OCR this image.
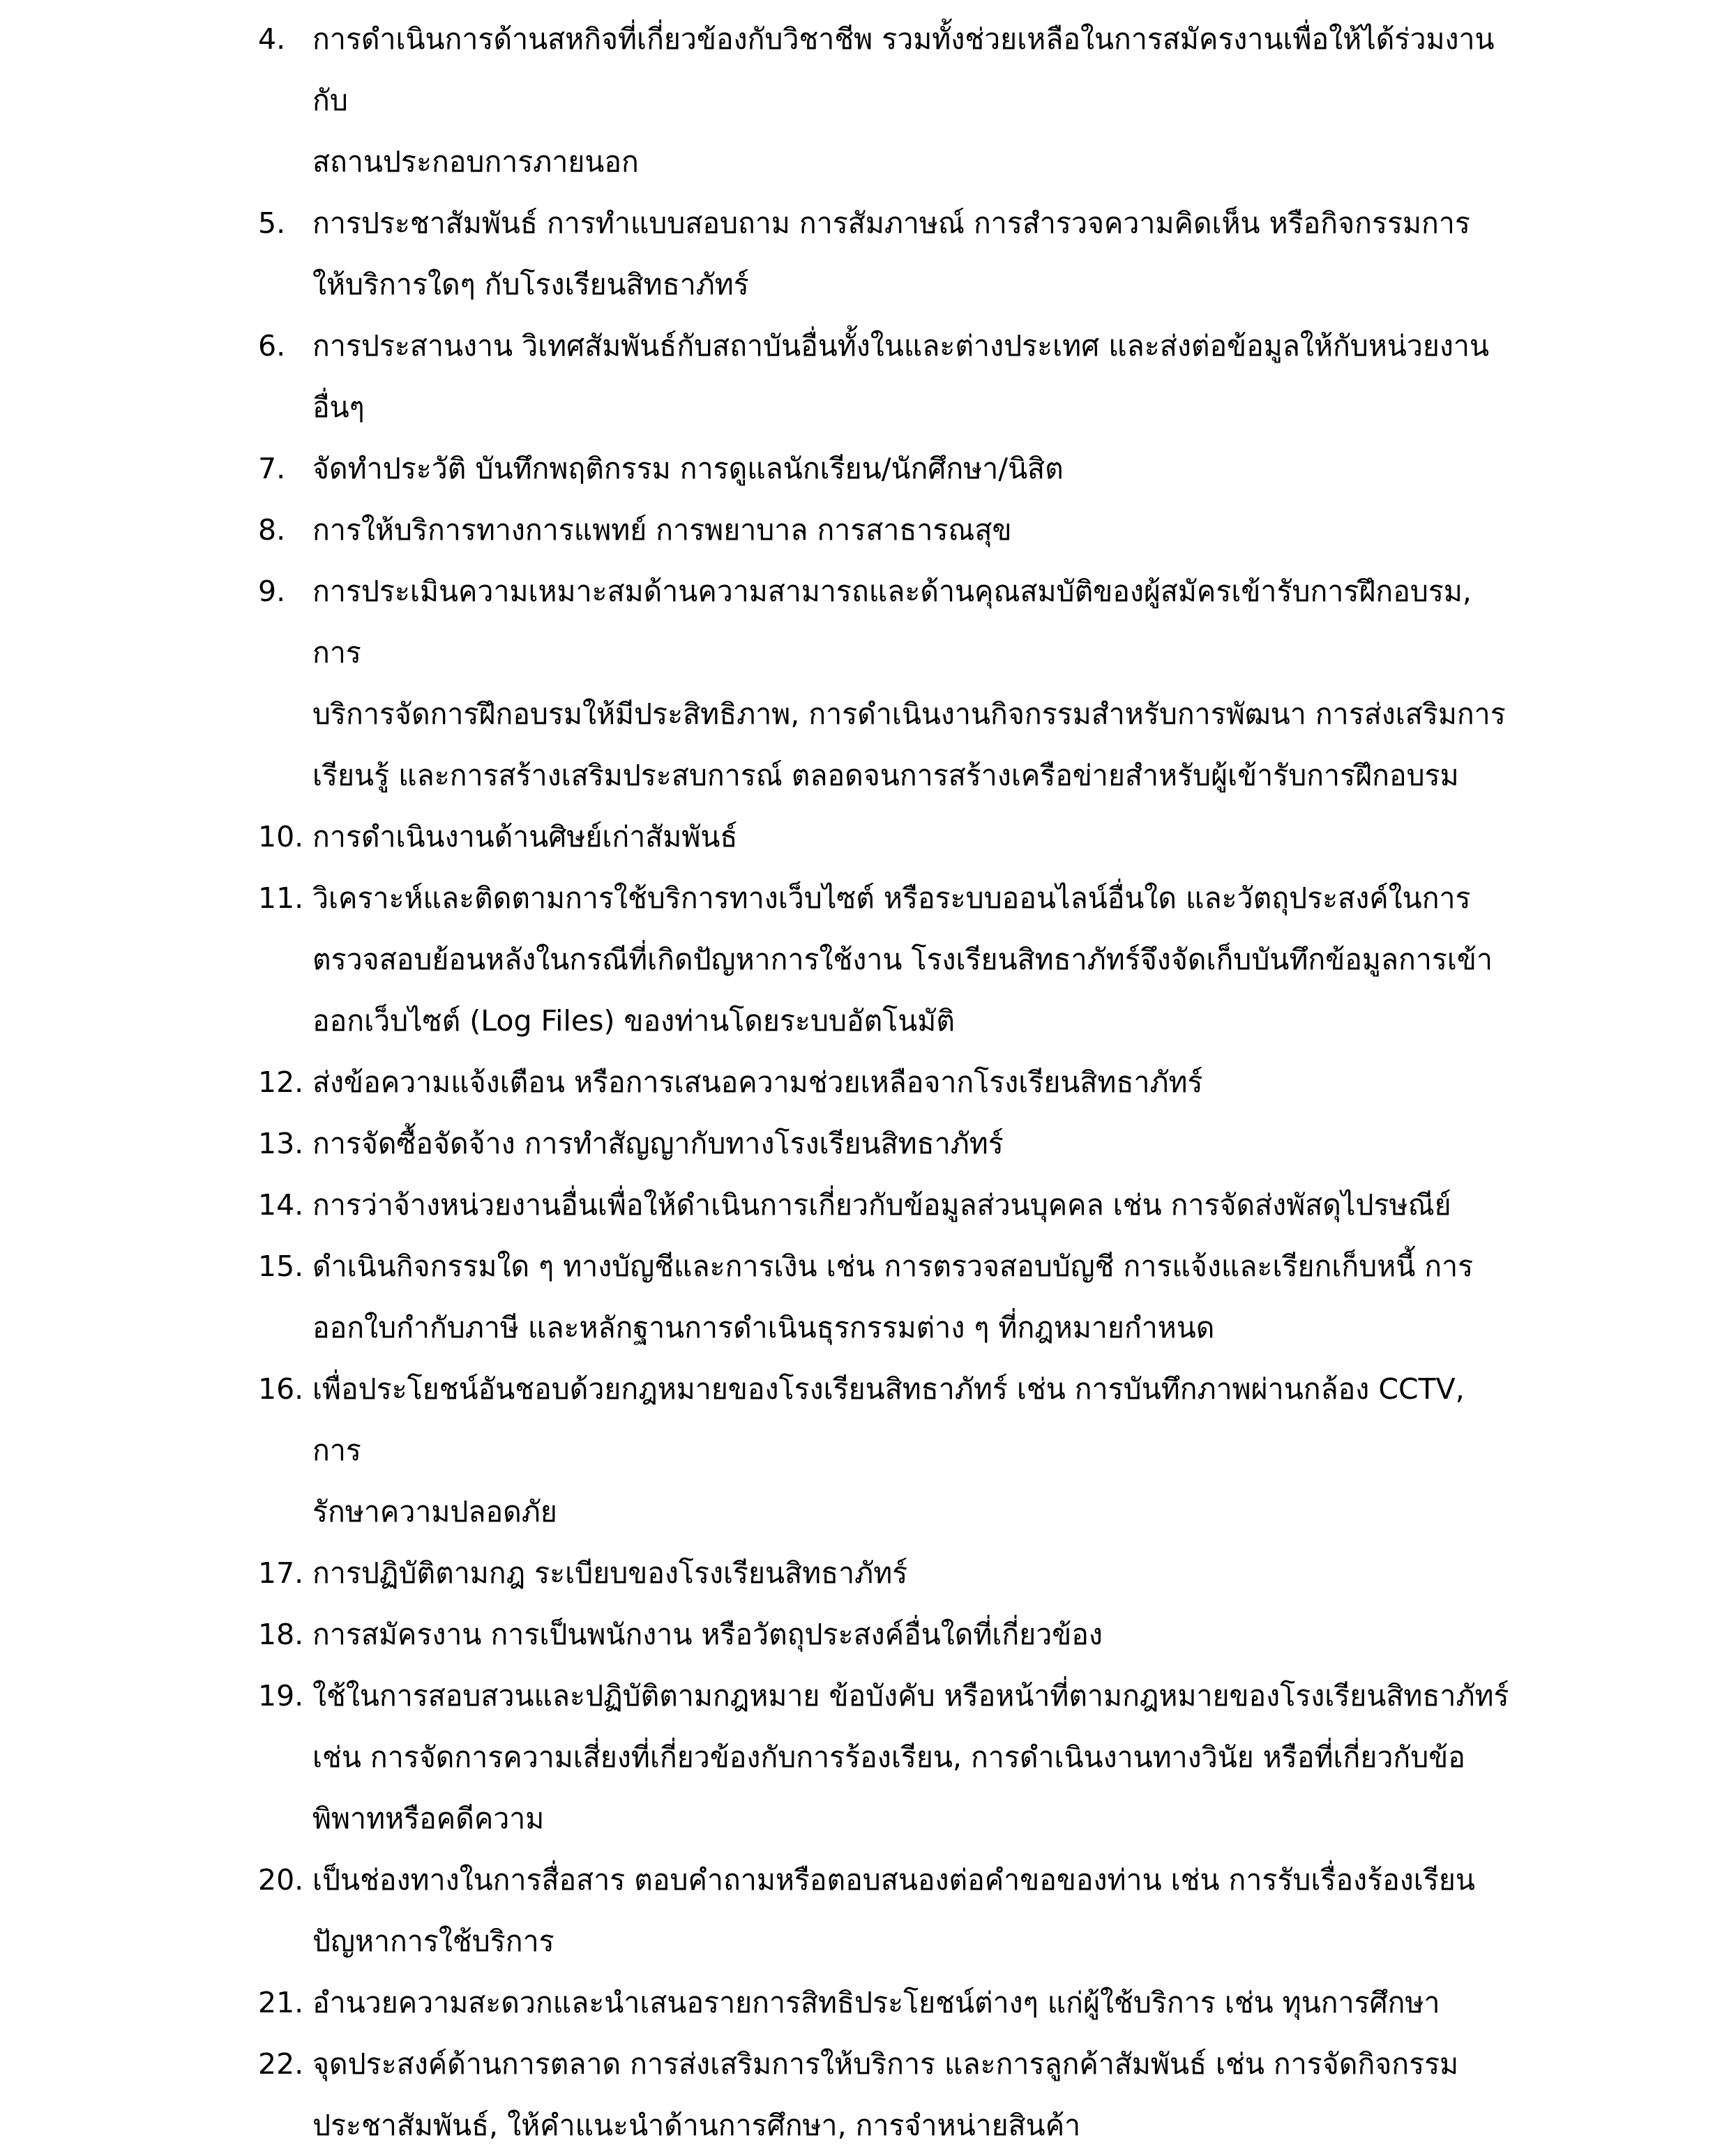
4. การดำเนินการด้านสหกิจที่เกี่ยวข้องกับวิชาชีพ รวมทั้งช่วยเหลือในการสมัครงานเพื่อให้ได้ร่วมงานกับ
สถานประกอบการภายนอก
5. การประชาสัมพันธ์ การทำแบบสอบถาม การสัมภาษณ์ การสำรวจความคิดเห็น หรือกิจกรรมการ
ให้บริการใดๆ กับโรงเรียนสิทธาภัทร์
6. การประสานงาน วิเทศสัมพันธ์กับสถาบันอื่นทั้งในและต่างประเทศ และส่งต่อข้อมูลให้กับหน่วยงาน
อื่นๆ
7. จัดทำประวัติ บันทึกพฤติกรรม การดูแลนักเรียน/นักศึกษา/นิสิต
8. การให้บริการทางการแพทย์ การพยาบาล การสาธารณสุข
9. การประเมินความเหมาะสมด้านความสามารถและด้านคุณสมบัติของผู้สมัครเข้ารับการฝึกอบรม, การ
บริการจัดการฝึกอบรมให้มีประสิทธิภาพ, การดำเนินงานกิจกรรมสำหรับการพัฒนา การส่งเสริมการ
เรียนรู้ และการสร้างเสริมประสบการณ์ ตลอดจนการสร้างเครือข่ายสำหรับผู้เข้ารับการฝึกอบรม
10. การดำเนินงานด้านศิษย์เก่าสัมพันธ์
11. วิเคราะห์และติดตามการใช้บริการทางเว็บไซต์ หรือระบบออนไลน์อื่นใด และวัตถุประสงค์ในการ
ตรวจสอบย้อนหลังในกรณีที่เกิดปัญหาการใช้งาน โรงเรียนสิทธาภัทร์จึงจัดเก็บบันทึกข้อมูลการเข้า
ออกเว็บไซต์ (Log Files) ของท่านโดยระบบอัตโนมัติ
12. ส่งข้อความแจ้งเตือน หรือการเสนอความช่วยเหลือจากโรงเรียนสิทธาภัทร์
13. การจัดซื้อจัดจ้าง การทำสัญญากับทางโรงเรียนสิทธาภัทร์
14. การว่าจ้างหน่วยงานอื่นเพื่อให้ดำเนินการเกี่ยวกับข้อมูลส่วนบุคคล เช่น การจัดส่งพัสดุไปรษณีย์
15. ดำเนินกิจกรรมใด ๆ ทางบัญชีและการเงิน เช่น การตรวจสอบบัญชี การแจ้งและเรียกเก็บหนี้ การ
ออกใบกำกับภาษี และหลักฐานการดำเนินธุรกรรมต่าง ๆ ที่กฎหมายกำหนด
16. เพื่อประโยชน์อันชอบด้วยกฎหมายของโรงเรียนสิทธาภัทร์ เช่น การบันทึกภาพผ่านกล้อง CCTV, การ
รักษาความปลอดภัย
17. การปฏิบัติตามกฎ ระเบียบของโรงเรียนสิทธาภัทร์
18. การสมัครงาน การเป็นพนักงาน หรือวัตถุประสงค์อื่นใดที่เกี่ยวข้อง
19. ใช้ในการสอบสวนและปฏิบัติตามกฎหมาย ข้อบังคับ หรือหน้าที่ตามกฎหมายของโรงเรียนสิทธาภัทร์
เช่น การจัดการความเสี่ยงที่เกี่ยวข้องกับการร้องเรียน, การดำเนินงานทางวินัย หรือที่เกี่ยวกับข้อ
พิพาทหรือคดีความ
20. เป็นช่องทางในการสื่อสาร ตอบคำถามหรือตอบสนองต่อคำขอของท่าน เช่น การรับเรื่องร้องเรียน
ปัญหาการใช้บริการ
21. อำนวยความสะดวกและนำเสนอรายการสิทธิประโยชน์ต่างๆ แก่ผู้ใช้บริการ เช่น ทุนการศึกษา
22. จุดประสงค์ด้านการตลาด การส่งเสริมการให้บริการ และการลูกค้าสัมพันธ์ เช่น การจัดกิจกรรม
ประชาสัมพันธ์, ให้คำแนะนำด้านการศึกษา, การจำหน่ายสินค้า
